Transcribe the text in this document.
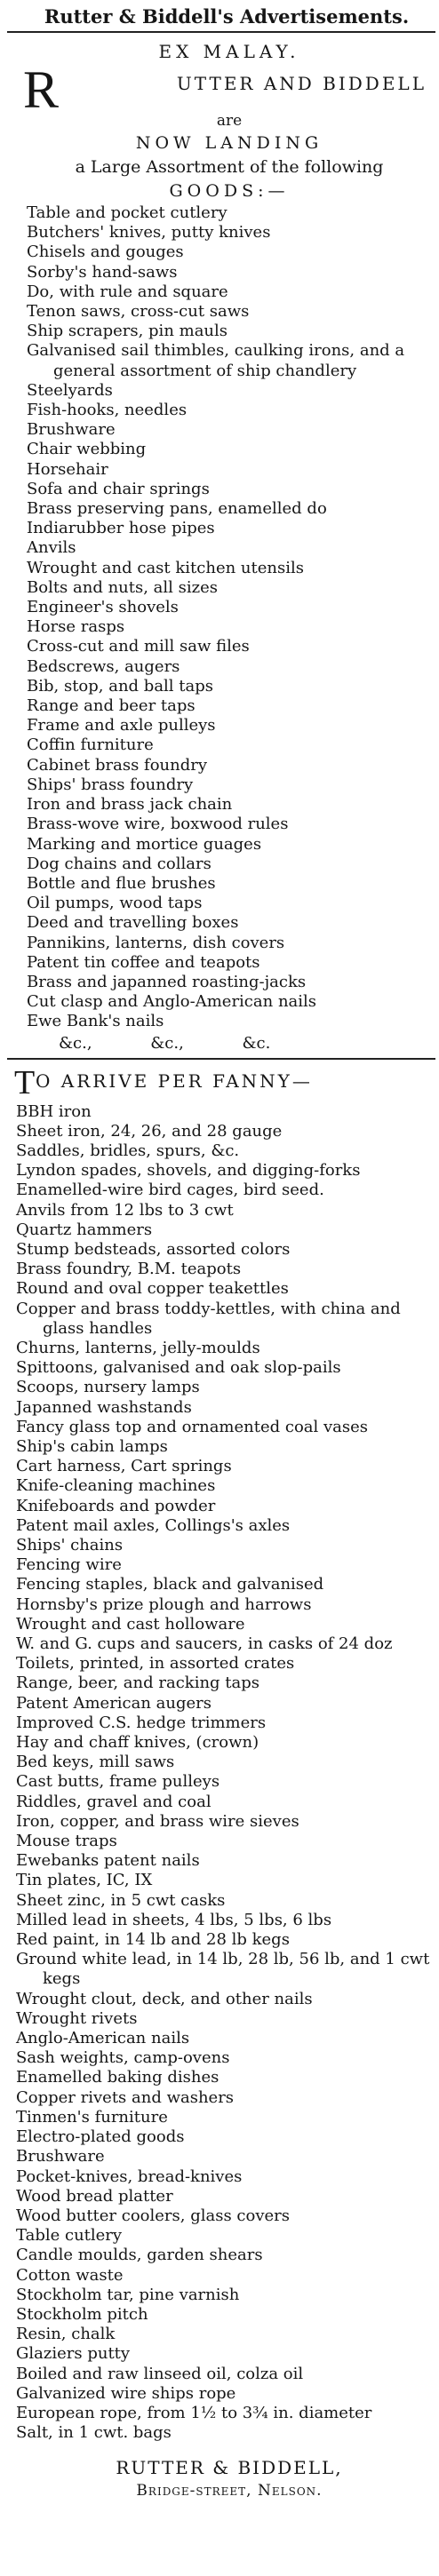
Rutter & Biddell's Advertisements.
EX MALAY.
R	UTTER AND BIDDELL
are
NOW LANDING
a Large Assortment of the following
GOODS:—
Table and pocket cutlery
Butchers' knives, putty knives
Chisels and gouges
Sorby's hand-saws
Do, with rule and square
Tenon saws, cross-cut saws
Ship scrapers, pin mauls
Galvanised sail thimbles, caulking irons, and a general assortment of ship chandlery
Steelyards
Fish-hooks, needles
Brushware
Chair webbing
Horsehair
Sofa and chair springs
Brass preserving pans, enamelled do
Indiarubber hose pipes
Anvils
Wrought and cast kitchen utensils
Bolts and nuts, all sizes
Engineer's shovels
Horse rasps
Cross-cut and mill saw files
Bedscrews, augers
Bib, stop, and ball taps
Range and beer taps
Frame and axle pulleys
Coffin furniture
Cabinet brass foundry
Ships' brass foundry
Iron and brass jack chain
Brass-wove wire, boxwood rules
Marking and mortice guages
Dog chains and collars
Bottle and flue brushes
Oil pumps, wood taps
Deed and travelling boxes
Pannikins, lanterns, dish covers
Patent tin coffee and teapots
Brass and japanned roasting-jacks
Cut clasp and Anglo-American nails
Ewe Bank's nails
&c., &c., &c.
T O ARRIVE PER FANNY—
BBH iron
Sheet iron, 24, 26, and 28 gauge
Saddles, bridles, spurs, &c.
Lyndon spades, shovels, and digging-forks
Enamelled-wire bird cages, bird seed.
Anvils from 12 lbs to 3 cwt
Quartz hammers
Stump bedsteads, assorted colors
Brass foundry, B.M. teapots
Round and oval copper teakettles
Copper and brass toddy-kettles, with china and glass handles
Churns, lanterns, jelly-moulds
Spittoons, galvanised and oak slop-pails
Scoops, nursery lamps
Japanned washstands
Fancy glass top and ornamented coal vases
Ship's cabin lamps
Cart harness, Cart springs
Knife-cleaning machines
Knifeboards and powder
Patent mail axles, Collings's axles
Ships' chains
Fencing wire
Fencing staples, black and galvanised
Hornsby's prize plough and harrows
Wrought and cast holloware
W. and G. cups and saucers, in casks of 24 doz
Toilets, printed, in assorted crates
Range, beer, and racking taps
Patent American augers
Improved C.S. hedge trimmers
Hay and chaff knives, (crown)
Bed keys, mill saws
Cast butts, frame pulleys
Riddles, gravel and coal
Iron, copper, and brass wire sieves
Mouse traps
Ewebanks patent nails
Tin plates, IC, IX
Sheet zinc, in 5 cwt casks
Milled lead in sheets, 4 lbs, 5 lbs, 6 lbs
Red paint, in 14 lb and 28 lb kegs
Ground white lead, in 14 lb, 28 lb, 56 lb, and 1 cwt kegs
Wrought clout, deck, and other nails
Wrought rivets
Anglo-American nails
Sash weights, camp-ovens
Enamelled baking dishes
Copper rivets and washers
Tinmen's furniture
Electro-plated goods
Brushware
Pocket-knives, bread-knives
Wood bread platter
Wood butter coolers, glass covers
Table cutlery
Candle moulds, garden shears
Cotton waste
Stockholm tar, pine varnish
Stockholm pitch
Resin, chalk
Glaziers putty
Boiled and raw linseed oil, colza oil
Galvanized wire ships rope
European rope, from 1½ to 3¾ in. diameter
Salt, in 1 cwt. bags
RUTTER & BIDDELL,
Bridge-street, Nelson.
